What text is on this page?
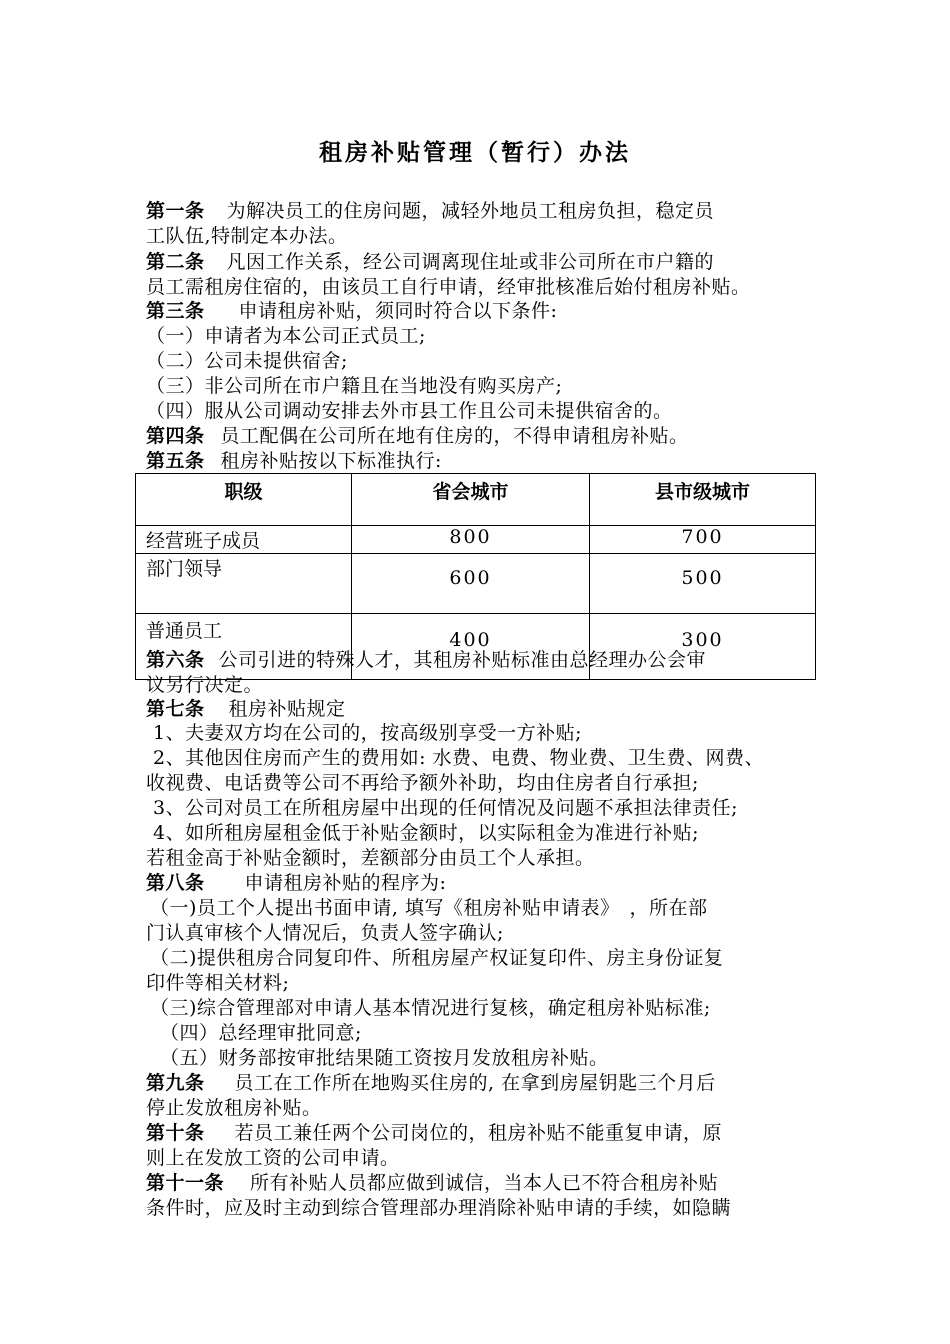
租房补贴管理（暂行）办法
第一条 为解决员工的住房问题，减轻外地员工租房负担，稳定员
工队伍,特制定本办法。
第二条 凡因工作关系，经公司调离现住址或非公司所在市户籍的
员工需租房住宿的，由该员工自行申请，经审批核准后始付租房补贴。
第三条 申请租房补贴，须同时符合以下条件:
（一）申请者为本公司正式员工;
（二）公司未提供宿舍;
（三）非公司所在市户籍且在当地没有购买房产;
（四）服从公司调动安排去外市县工作且公司未提供宿舍的。
第四条 员工配偶在公司所在地有住房的，不得申请租房补贴。
第五条 租房补贴按以下标准执行:
职级	省会城市	县市级城市
经营班子成员	800	700
部门领导	600	500
普通员工	400	300
第六条 公司引进的特殊人才，其租房补贴标准由总经理办公会审
议另行决定。
第七条 租房补贴规定
1、夫妻双方均在公司的，按高级别享受一方补贴;
2、其他因住房而产生的费用如: 水费、电费、物业费、卫生费、网费、
收视费、电话费等公司不再给予额外补助，均由住房者自行承担;
3、公司对员工在所租房屋中出现的任何情况及问题不承担法律责任;
4、如所租房屋租金低于补贴金额时，以实际租金为准进行补贴;
若租金高于补贴金额时，差额部分由员工个人承担。
第八条 申请租房补贴的程序为:
（一)员工个人提出书面申请, 填写《租房补贴申请表》　，所在部
门认真审核个人情况后，负责人签字确认;
（二)提供租房合同复印件、所租房屋产权证复印件、房主身份证复
印件等相关材料;
（三)综合管理部对申请人基本情况进行复核，确定租房补贴标准;
（四）总经理审批同意;
（五）财务部按审批结果随工资按月发放租房补贴。
第九条 员工在工作所在地购买住房的, 在拿到房屋钥匙三个月后
停止发放租房补贴。
第十条 若员工兼任两个公司岗位的，租房补贴不能重复申请，原
则上在发放工资的公司申请。
第十一条 所有补贴人员都应做到诚信，当本人已不符合租房补贴
条件时，应及时主动到综合管理部办理消除补贴申请的手续，如隐瞒
